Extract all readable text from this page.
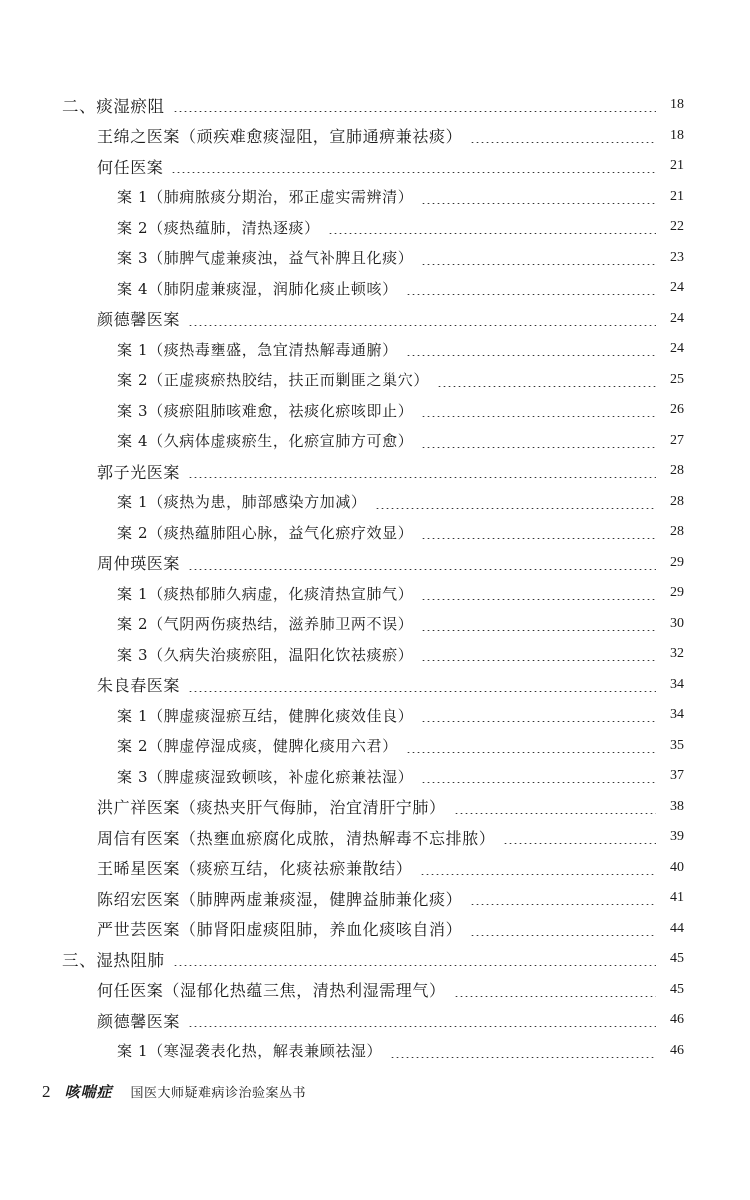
二、痰湿瘀阻	18
王绵之医案（顽疾难愈痰湿阻，宣肺通痹兼祛痰）	18
何任医案	21
案 1（肺痈脓痰分期治，邪正虚实需辨清）	21
案 2（痰热蕴肺，清热逐痰）	22
案 3（肺脾气虚兼痰浊，益气补脾且化痰）	23
案 4（肺阴虚兼痰湿，润肺化痰止顿咳）	24
颜德馨医案	24
案 1（痰热毒壅盛，急宜清热解毒通腑）	24
案 2（正虚痰瘀热胶结，扶正而剿匪之巢穴）	25
案 3（痰瘀阻肺咳难愈，祛痰化瘀咳即止）	26
案 4（久病体虚痰瘀生，化瘀宣肺方可愈）	27
郭子光医案	28
案 1（痰热为患，肺部感染方加减）	28
案 2（痰热蕴肺阻心脉，益气化瘀疗效显）	28
周仲瑛医案	29
案 1（痰热郁肺久病虚，化痰清热宣肺气）	29
案 2（气阴两伤痰热结，滋养肺卫两不误）	30
案 3（久病失治痰瘀阻，温阳化饮祛痰瘀）	32
朱良春医案	34
案 1（脾虚痰湿瘀互结，健脾化痰效佳良）	34
案 2（脾虚停湿成痰，健脾化痰用六君）	35
案 3（脾虚痰湿致顿咳，补虚化瘀兼祛湿）	37
洪广祥医案（痰热夹肝气侮肺，治宜清肝宁肺）	38
周信有医案（热壅血瘀腐化成脓，清热解毒不忘排脓）	39
王晞星医案（痰瘀互结，化痰祛瘀兼散结）	40
陈绍宏医案（肺脾两虚兼痰湿，健脾益肺兼化痰）	41
严世芸医案（肺肾阳虚痰阻肺，养血化痰咳自消）	44
三、湿热阻肺	45
何任医案（湿郁化热蕴三焦，清热利湿需理气）	45
颜德馨医案	46
案 1（寒湿袭表化热，解表兼顾祛湿）	46
2 咳喘症 国医大师疑难病诊治验案丛书
